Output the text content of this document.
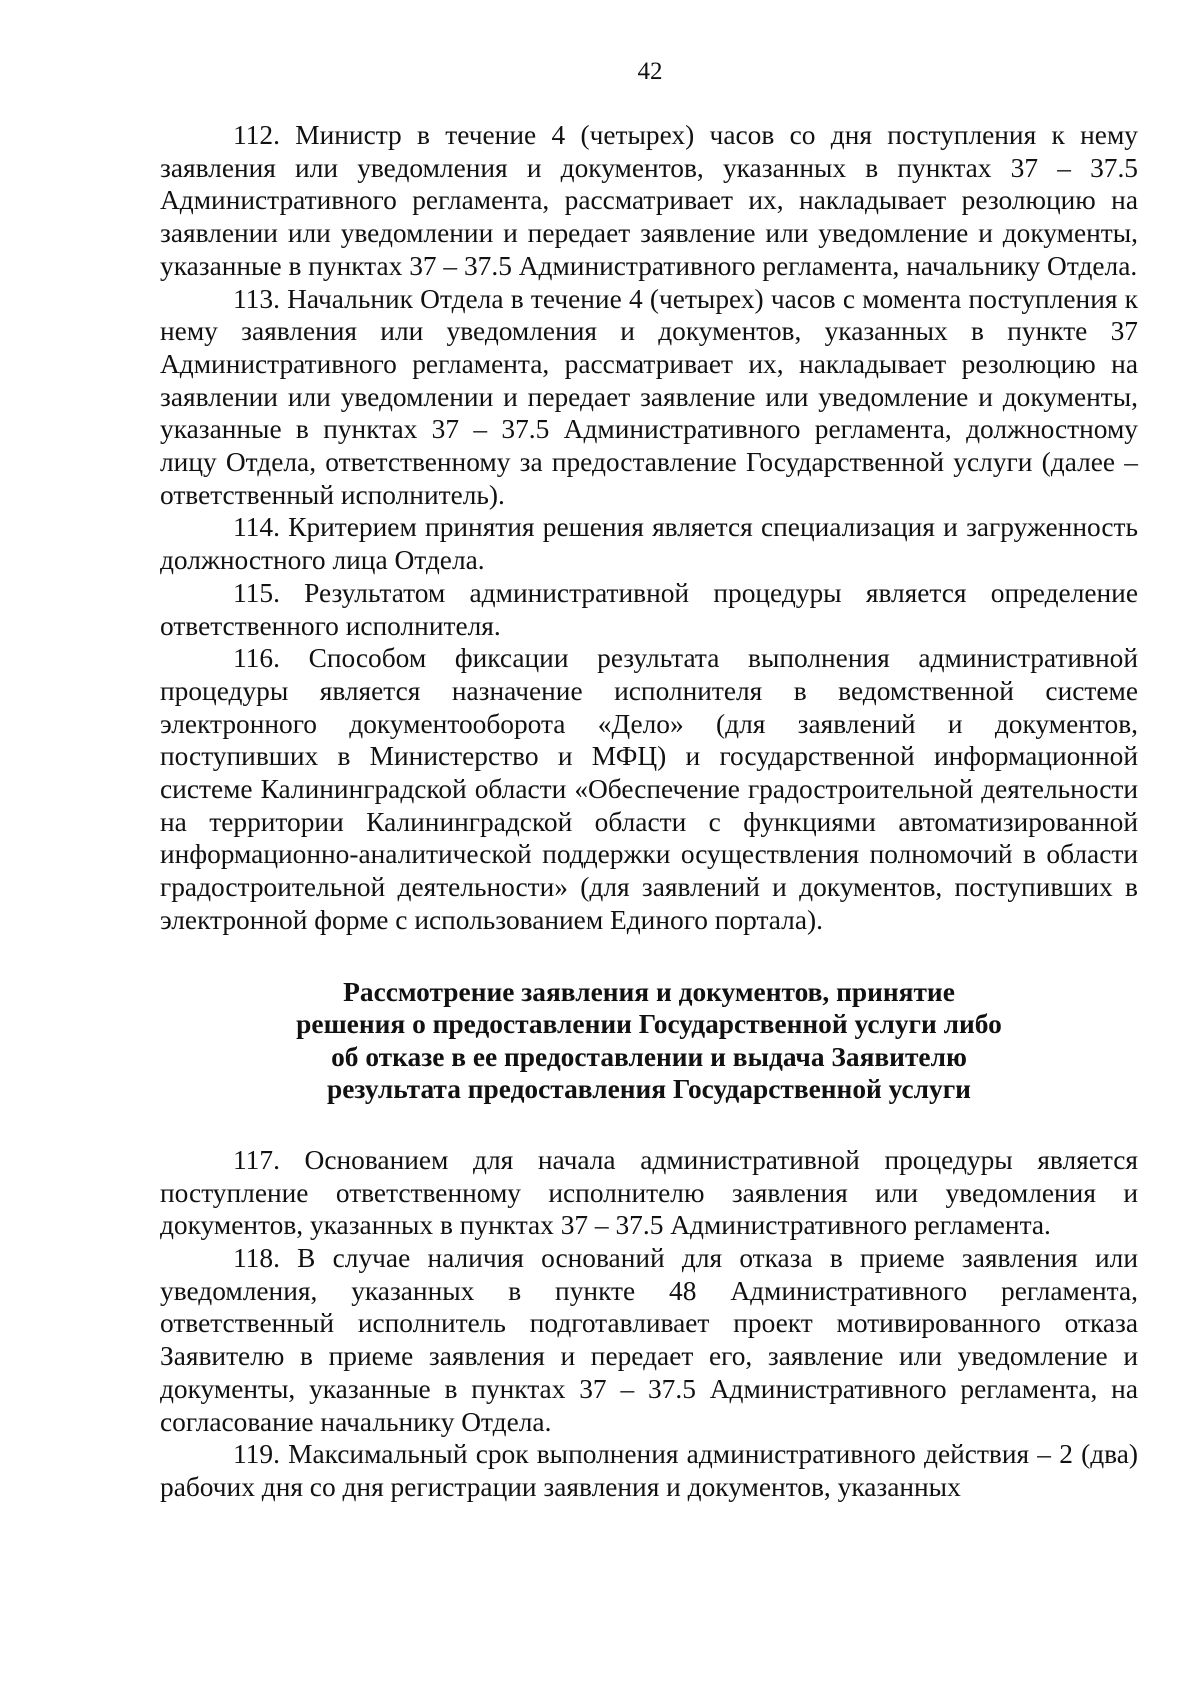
42

112. Министр в течение 4 (четырех) часов со дня поступления к нему заявления или уведомления и документов, указанных в пунктах 37 – 37.5 Административного регламента, рассматривает их, накладывает резолюцию на заявлении или уведомлении и передает заявление или уведомление и документы, указанные в пунктах 37 – 37.5 Административного регламента, начальнику Отдела.

113. Начальник Отдела в течение 4 (четырех) часов с момента поступления к нему заявления или уведомления и документов, указанных в пункте 37 Административного регламента, рассматривает их, накладывает резолюцию на заявлении или уведомлении и передает заявление или уведомление и документы, указанные в пунктах 37 – 37.5 Административного регламента, должностному лицу Отдела, ответственному за предоставление Государственной услуги (далее – ответственный исполнитель).

114. Критерием принятия решения является специализация и загруженность должностного лица Отдела.

115. Результатом административной процедуры является определение ответственного исполнителя.

116. Способом фиксации результата выполнения административной процедуры является назначение исполнителя в ведомственной системе электронного документооборота «Дело» (для заявлений и документов, поступивших в Министерство и МФЦ) и государственной информационной системе Калининградской области «Обеспечение градостроительной деятельности на территории Калининградской области с функциями автоматизированной информационно-аналитической поддержки осуществления полномочий в области градостроительной деятельности» (для заявлений и документов, поступивших в электронной форме с использованием Единого портала).

Рассмотрение заявления и документов, принятие
решения о предоставлении Государственной услуги либо
об отказе в ее предоставлении и выдача Заявителю
результата предоставления Государственной услуги

117. Основанием для начала административной процедуры является поступление ответственному исполнителю заявления или уведомления и документов, указанных в пунктах 37 – 37.5 Административного регламента.

118. В случае наличия оснований для отказа в приеме заявления или уведомления, указанных в пункте 48 Административного регламента, ответственный исполнитель подготавливает проект мотивированного отказа Заявителю в приеме заявления и передает его, заявление или уведомление и документы, указанные в пунктах 37 – 37.5 Административного регламента, на согласование начальнику Отдела.

119. Максимальный срок выполнения административного действия – 2 (два) рабочих дня со дня регистрации заявления и документов, указанных
